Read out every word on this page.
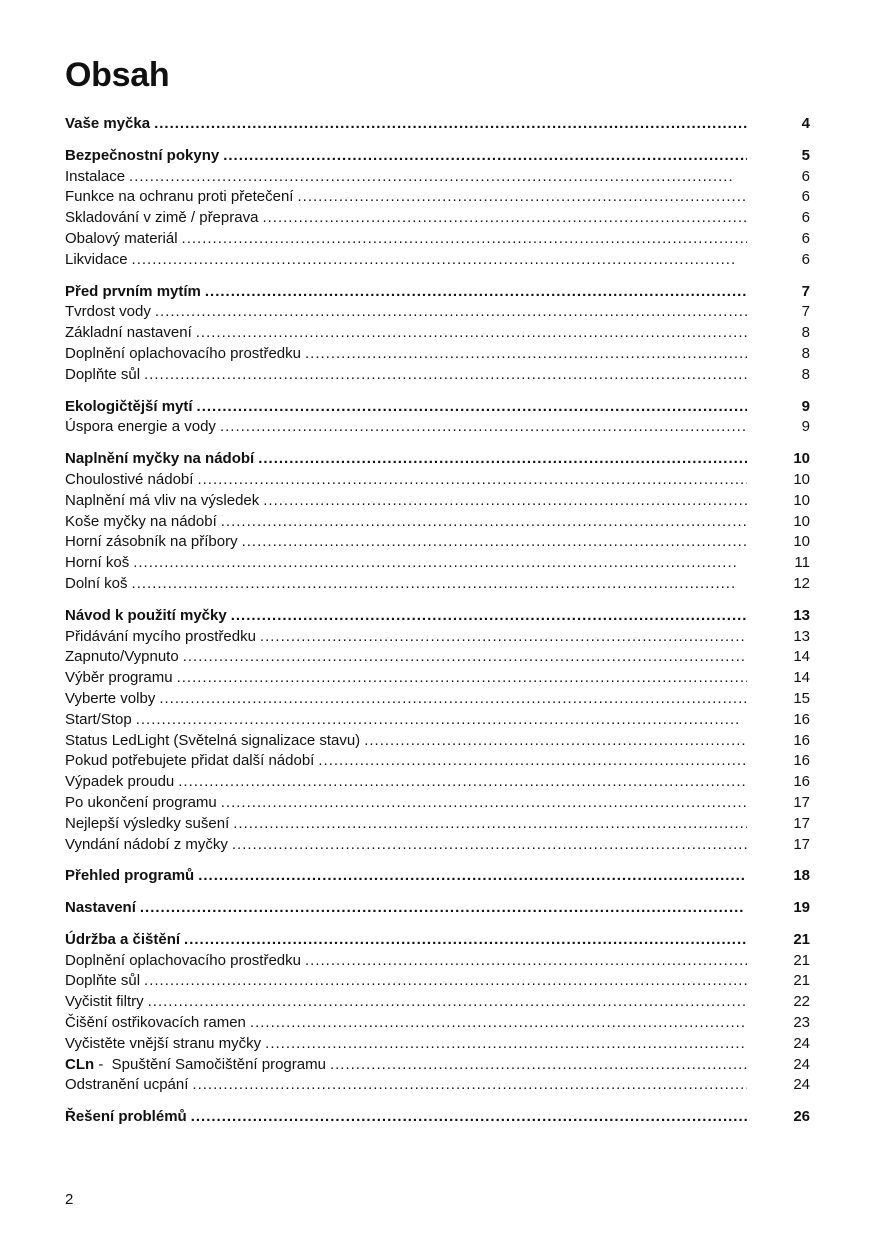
Obsah
Vaše myčka .....	4
Bezpečnostní pokyny .....	5
Instalace .....	6
Funkce na ochranu proti přetečení .....	6
Skladování v zimě / přeprava .....	6
Obalový materiál .....	6
Likvidace .....	6
Před prvním mytím .....	7
Tvrdost vody .....	7
Základní nastavení .....	8
Doplnění oplachovacího prostředku .....	8
Doplňte sůl .....	8
Ekologičtější mytí .....	9
Úspora energie a vody .....	9
Naplnění myčky na nádobí .....	10
Choulostivé nádobí .....	10
Naplnění má vliv na výsledek .....	10
Koše myčky na nádobí .....	10
Horní zásobník na příbory .....	10
Horní koš .....	11
Dolní koš .....	12
Návod k použití myčky .....	13
Přidávání mycího prostředku .....	13
Zapnuto/Vypnuto .....	14
Výběr programu .....	14
Vyberte volby .....	15
Start/Stop .....	16
Status LedLight (Světelná signalizace stavu) .....	16
Pokud potřebujete přidat další nádobí .....	16
Výpadek proudu .....	16
Po ukončení programu .....	17
Nejlepší výsledky sušení .....	17
Vyndání nádobí z myčky .....	17
Přehled programů .....	18
Nastavení .....	19
Údržba a čištění .....	21
Doplnění oplachovacího prostředku .....	21
Doplňte sůl .....	21
Vyčistit filtry .....	22
Čišění ostřikovacích ramen .....	23
Vyčistěte vnější stranu myčky .....	24
CLn -  Spuštění Samočištění programu .....	24
Odstranění ucpání .....	24
Řešení problémů .....	26
2
